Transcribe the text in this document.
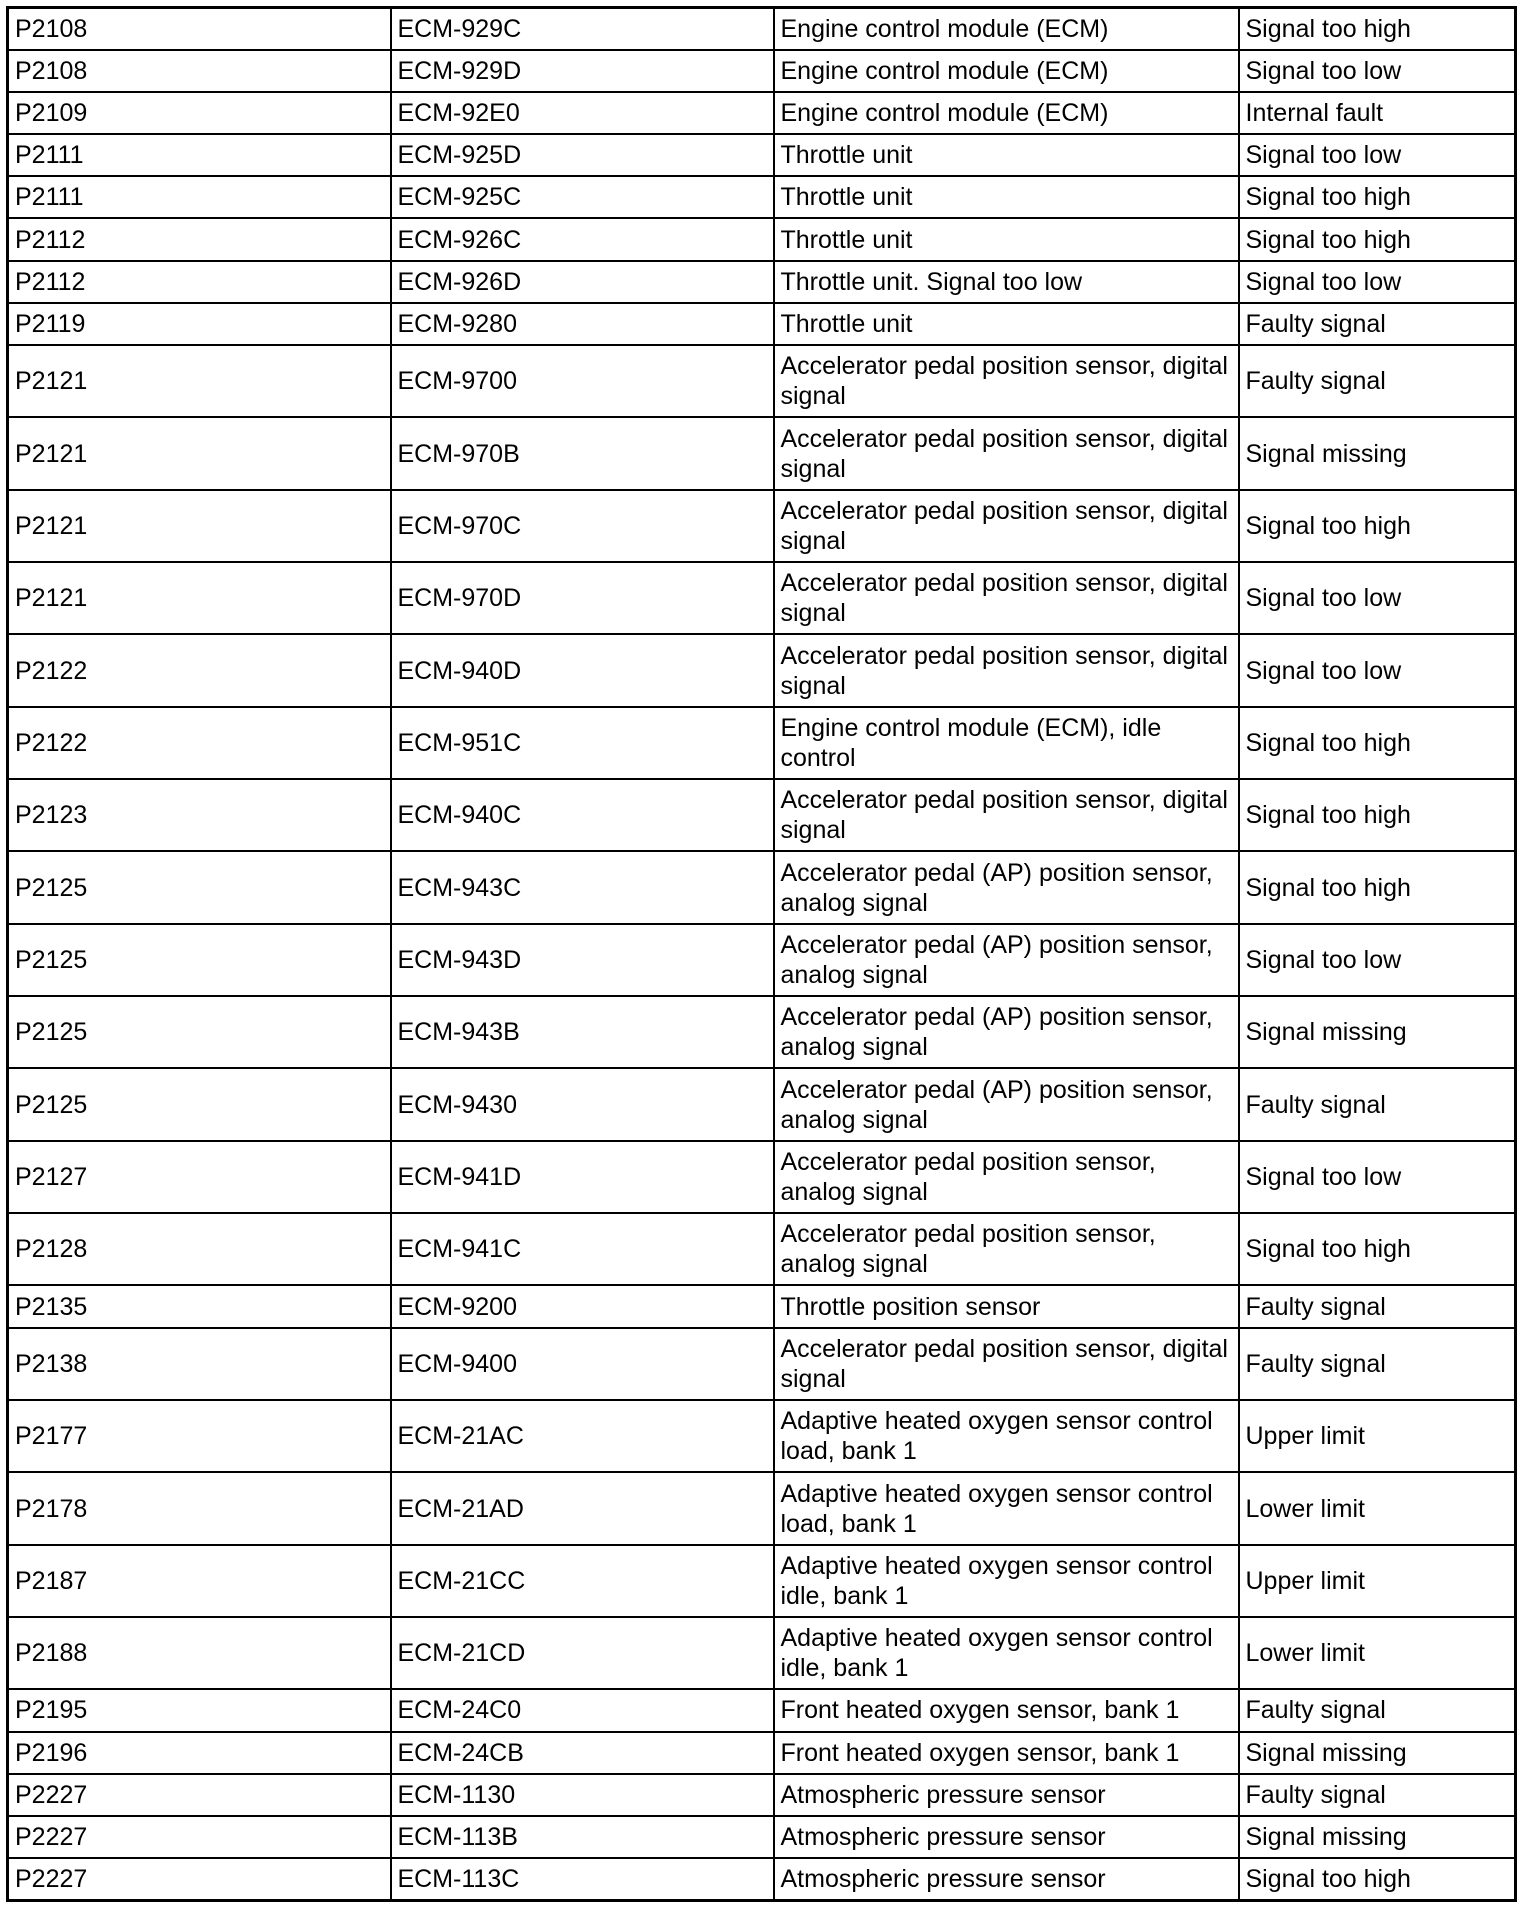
P2108	ECM-929C	Engine control module (ECM)	Signal too high
P2108	ECM-929D	Engine control module (ECM)	Signal too low
P2109	ECM-92E0	Engine control module (ECM)	Internal fault
P2111	ECM-925D	Throttle unit	Signal too low
P2111	ECM-925C	Throttle unit	Signal too high
P2112	ECM-926C	Throttle unit	Signal too high
P2112	ECM-926D	Throttle unit. Signal too low	Signal too low
P2119	ECM-9280	Throttle unit	Faulty signal
P2121	ECM-9700	Accelerator pedal position sensor, digital signal	Faulty signal
P2121	ECM-970B	Accelerator pedal position sensor, digital signal	Signal missing
P2121	ECM-970C	Accelerator pedal position sensor, digital signal	Signal too high
P2121	ECM-970D	Accelerator pedal position sensor, digital signal	Signal too low
P2122	ECM-940D	Accelerator pedal position sensor, digital signal	Signal too low
P2122	ECM-951C	Engine control module (ECM), idle control	Signal too high
P2123	ECM-940C	Accelerator pedal position sensor, digital signal	Signal too high
P2125	ECM-943C	Accelerator pedal (AP) position sensor, analog signal	Signal too high
P2125	ECM-943D	Accelerator pedal (AP) position sensor, analog signal	Signal too low
P2125	ECM-943B	Accelerator pedal (AP) position sensor, analog signal	Signal missing
P2125	ECM-9430	Accelerator pedal (AP) position sensor, analog signal	Faulty signal
P2127	ECM-941D	Accelerator pedal position sensor, analog signal	Signal too low
P2128	ECM-941C	Accelerator pedal position sensor, analog signal	Signal too high
P2135	ECM-9200	Throttle position sensor	Faulty signal
P2138	ECM-9400	Accelerator pedal position sensor, digital signal	Faulty signal
P2177	ECM-21AC	Adaptive heated oxygen sensor control load, bank 1	Upper limit
P2178	ECM-21AD	Adaptive heated oxygen sensor control load, bank 1	Lower limit
P2187	ECM-21CC	Adaptive heated oxygen sensor control idle, bank 1	Upper limit
P2188	ECM-21CD	Adaptive heated oxygen sensor control idle, bank 1	Lower limit
P2195	ECM-24C0	Front heated oxygen sensor, bank 1	Faulty signal
P2196	ECM-24CB	Front heated oxygen sensor, bank 1	Signal missing
P2227	ECM-1130	Atmospheric pressure sensor	Faulty signal
P2227	ECM-113B	Atmospheric pressure sensor	Signal missing
P2227	ECM-113C	Atmospheric pressure sensor	Signal too high
